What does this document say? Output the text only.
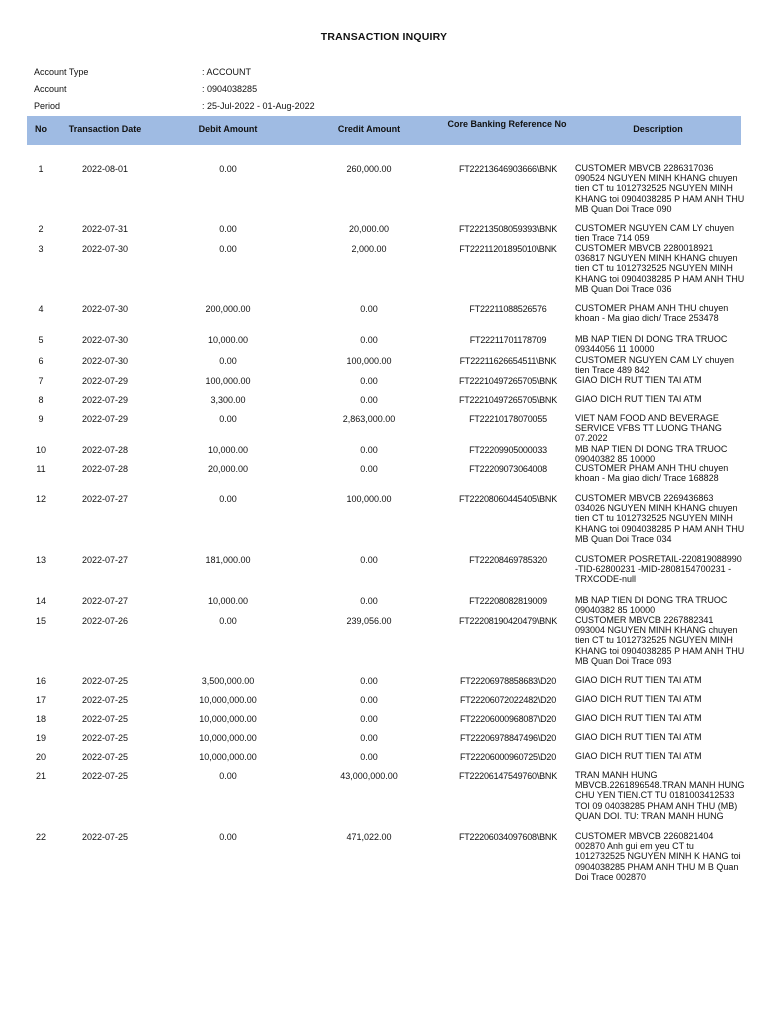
TRANSACTION INQUIRY
Account Type	: ACCOUNT
Account	: 0904038285
Period	: 25-Jul-2022 - 01-Aug-2022
No	Transaction Date	Debit Amount	Credit Amount	Core Banking Reference No	Description
1	2022-08-01	0.00	260,000.00	FT22213646903666\BNK	CUSTOMER MBVCB 2286317036 090524 NGUYEN MINH KHANG chuyen tien CT tu 1012732525 NGUYEN MINH KHANG toi 0904038285 P HAM ANH THU MB Quan Doi Trace 090
2	2022-07-31	0.00	20,000.00	FT22213508059393\BNK	CUSTOMER NGUYEN CAM LY chuyen tien Trace 714 059
3	2022-07-30	0.00	2,000.00	FT22211201895010\BNK	CUSTOMER MBVCB 2280018921 036817 NGUYEN MINH KHANG chuyen tien CT tu 1012732525 NGUYEN MINH KHANG toi 0904038285 P HAM ANH THU MB Quan Doi Trace 036
4	2022-07-30	200,000.00	0.00	FT22211088526576	CUSTOMER PHAM ANH THU chuyen khoan - Ma giao dich/ Trace 253478
5	2022-07-30	10,000.00	0.00	FT22211701178709	MB NAP TIEN DI DONG TRA TRUOC 09344056 11 10000
6	2022-07-30	0.00	100,000.00	FT22211626654511\BNK	CUSTOMER NGUYEN CAM LY chuyen tien Trace 489 842
7	2022-07-29	100,000.00	0.00	FT22210497265705\BNK	GIAO DICH RUT TIEN TAI ATM
8	2022-07-29	3,300.00	0.00	FT22210497265705\BNK	GIAO DICH RUT TIEN TAI ATM
9	2022-07-29	0.00	2,863,000.00	FT22210178070055	VIET NAM FOOD AND BEVERAGE SERVICE VFBS TT LUONG THANG 07.2022
10	2022-07-28	10,000.00	0.00	FT22209905000033	MB NAP TIEN DI DONG TRA TRUOC 09040382 85 10000
11	2022-07-28	20,000.00	0.00	FT22209073064008	CUSTOMER PHAM ANH THU chuyen khoan - Ma giao dich/ Trace 168828
12	2022-07-27	0.00	100,000.00	FT22208060445405\BNK	CUSTOMER MBVCB 2269436863 034026 NGUYEN MINH KHANG chuyen tien CT tu 1012732525 NGUYEN MINH KHANG toi 0904038285 P HAM ANH THU MB Quan Doi Trace 034
13	2022-07-27	181,000.00	0.00	FT22208469785320	CUSTOMER POSRETAIL-220819088990 -TID-62800231 -MID-2808154700231 -TRXCODE-null
14	2022-07-27	10,000.00	0.00	FT22208082819009	MB NAP TIEN DI DONG TRA TRUOC 09040382 85 10000
15	2022-07-26	0.00	239,056.00	FT22208190420479\BNK	CUSTOMER MBVCB 2267882341 093004 NGUYEN MINH KHANG chuyen tien CT tu 1012732525 NGUYEN MINH KHANG toi 0904038285 P HAM ANH THU MB Quan Doi Trace 093
16	2022-07-25	3,500,000.00	0.00	FT22206978858683\D20	GIAO DICH RUT TIEN TAI ATM
17	2022-07-25	10,000,000.00	0.00	FT22206072022482\D20	GIAO DICH RUT TIEN TAI ATM
18	2022-07-25	10,000,000.00	0.00	FT22206000968087\D20	GIAO DICH RUT TIEN TAI ATM
19	2022-07-25	10,000,000.00	0.00	FT22206978847496\D20	GIAO DICH RUT TIEN TAI ATM
20	2022-07-25	10,000,000.00	0.00	FT22206000960725\D20	GIAO DICH RUT TIEN TAI ATM
21	2022-07-25	0.00	43,000,000.00	FT22206147549760\BNK	TRAN MANH HUNG MBVCB.2261896548.TRAN MANH HUNG CHU YEN TIEN.CT TU 0181003412533 TOI 09 04038285 PHAM ANH THU (MB) QUAN DOI. TU: TRAN MANH HUNG
22	2022-07-25	0.00	471,022.00	FT22206034097608\BNK	CUSTOMER MBVCB 2260821404 002870 Anh gui em yeu CT tu 1012732525 NGUYEN MINH K HANG toi 0904038285 PHAM ANH THU M B Quan Doi Trace 002870
